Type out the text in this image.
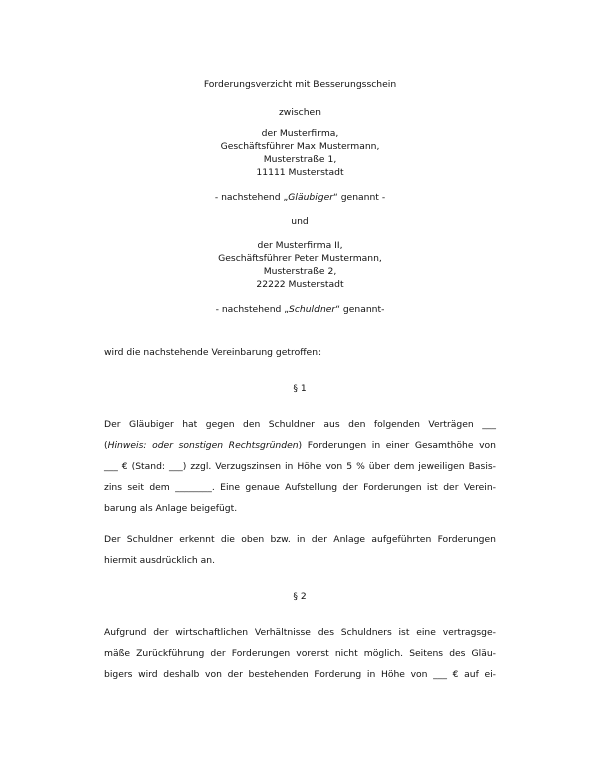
Forderungsverzicht mit Besserungsschein
zwischen
der Musterfirma,
Geschäftsführer Max Mustermann,
Musterstraße 1,
11111 Musterstadt
- nachstehend „Gläubiger“ genannt -
und
der Musterfirma II,
Geschäftsführer Peter Mustermann,
Musterstraße 2,
22222 Musterstadt
- nachstehend „Schuldner“ genannt-
wird die nachstehende Vereinbarung getroffen:
§ 1
Der Gläubiger hat gegen den Schuldner aus den folgenden Verträgen ___
(Hinweis: oder sonstigen Rechtsgründen) Forderungen in einer Gesamthöhe von
___ € (Stand: ___) zzgl. Verzugszinsen in Höhe von 5 % über dem jeweiligen Basis-
zins seit dem ________. Eine genaue Aufstellung der Forderungen ist der Verein-
barung als Anlage beigefügt.
Der Schuldner erkennt die oben bzw. in der Anlage aufgeführten Forderungen
hiermit ausdrücklich an.
§ 2
Aufgrund der wirtschaftlichen Verhältnisse des Schuldners ist eine vertragsge-
mäße Zurückführung der Forderungen vorerst nicht möglich. Seitens des Gläu-
bigers wird deshalb von der bestehenden Forderung in Höhe von ___ € auf ei-
